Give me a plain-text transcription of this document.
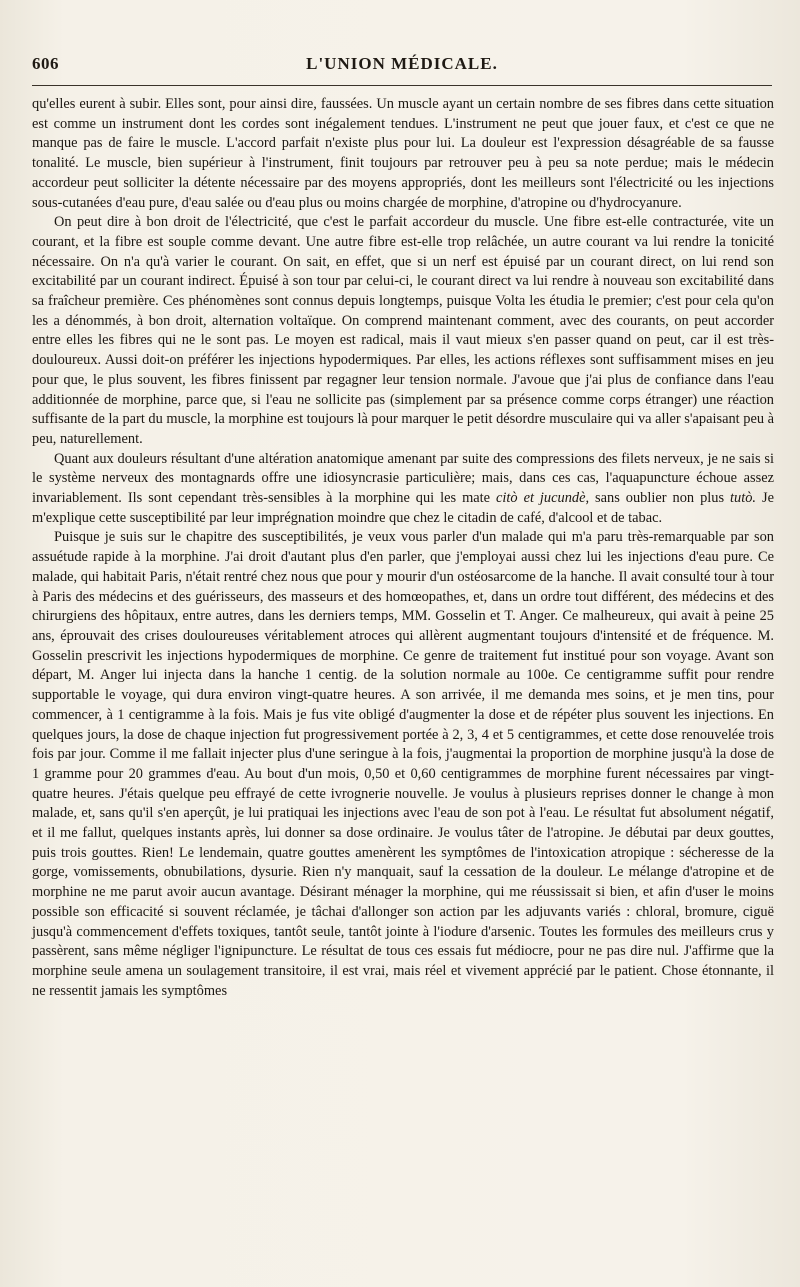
606	L'UNION MÉDICALE.

qu'elles eurent à subir. Elles sont, pour ainsi dire, faussées. Un muscle ayant un certain nombre de ses fibres dans cette situation est comme un instrument dont les cordes sont inégalement tendues. L'instrument ne peut que jouer faux, et c'est ce que ne manque pas de faire le muscle. L'accord parfait n'existe plus pour lui. La douleur est l'expression désagréable de sa fausse tonalité. Le muscle, bien supérieur à l'instrument, finit toujours par retrouver peu à peu sa note perdue; mais le médecin accordeur peut solliciter la détente nécessaire par des moyens appropriés, dont les meilleurs sont l'électricité ou les injections sous-cutanées d'eau pure, d'eau salée ou d'eau plus ou moins chargée de morphine, d'atropine ou d'hydrocyanure.

On peut dire à bon droit de l'électricité, que c'est le parfait accordeur du muscle. Une fibre est-elle contracturée, vite un courant, et la fibre est souple comme devant. Une autre fibre est-elle trop relâchée, un autre courant va lui rendre la tonicité nécessaire. On n'a qu'à varier le courant. On sait, en effet, que si un nerf est épuisé par un courant direct, on lui rend son excitabilité par un courant indirect. Épuisé à son tour par celui-ci, le courant direct va lui rendre à nouveau son excitabilité dans sa fraîcheur première. Ces phénomènes sont connus depuis longtemps, puisque Volta les étudia le premier; c'est pour cela qu'on les a dénommés, à bon droit, alternation voltaïque. On comprend maintenant comment, avec des courants, on peut accorder entre elles les fibres qui ne le sont pas. Le moyen est radical, mais il vaut mieux s'en passer quand on peut, car il est très-douloureux. Aussi doit-on préférer les injections hypodermiques. Par elles, les actions réflexes sont suffisamment mises en jeu pour que, le plus souvent, les fibres finissent par regagner leur tension normale. J'avoue que j'ai plus de confiance dans l'eau additionnée de morphine, parce que, si l'eau ne sollicite pas (simplement par sa présence comme corps étranger) une réaction suffisante de la part du muscle, la morphine est toujours là pour marquer le petit désordre musculaire qui va aller s'apaisant peu à peu, naturellement.

Quant aux douleurs résultant d'une altération anatomique amenant par suite des compressions des filets nerveux, je ne sais si le système nerveux des montagnards offre une idiosyncrasie particulière; mais, dans ces cas, l'aquapuncture échoue assez invariablement. Ils sont cependant très-sensibles à la morphine qui les mate citò et jucundè, sans oublier non plus tutò. Je m'explique cette susceptibilité par leur imprégnation moindre que chez le citadin de café, d'alcool et de tabac.

Puisque je suis sur le chapitre des susceptibilités, je veux vous parler d'un malade qui m'a paru très-remarquable par son assuétude rapide à la morphine. J'ai droit d'autant plus d'en parler, que j'employai aussi chez lui les injections d'eau pure. Ce malade, qui habitait Paris, n'était rentré chez nous que pour y mourir d'un ostéosarcome de la hanche. Il avait consulté tour à tour à Paris des médecins et des guérisseurs, des masseurs et des homœopathes, et, dans un ordre tout différent, des médecins et des chirurgiens des hôpitaux, entre autres, dans les derniers temps, MM. Gosselin et T. Anger. Ce malheureux, qui avait à peine 25 ans, éprouvait des crises douloureuses véritablement atroces qui allèrent augmentant toujours d'intensité et de fréquence. M. Gosselin prescrivit les injections hypodermiques de morphine. Ce genre de traitement fut institué pour son voyage. Avant son départ, M. Anger lui injecta dans la hanche 1 centig. de la solution normale au 100e. Ce centigramme suffit pour rendre supportable le voyage, qui dura environ vingt-quatre heures. A son arrivée, il me demanda mes soins, et je men tins, pour commencer, à 1 centigramme à la fois. Mais je fus vite obligé d'augmenter la dose et de répéter plus souvent les injections. En quelques jours, la dose de chaque injection fut progressivement portée à 2, 3, 4 et 5 centigrammes, et cette dose renouvelée trois fois par jour. Comme il me fallait injecter plus d'une seringue à la fois, j'augmentai la proportion de morphine jusqu'à la dose de 1 gramme pour 20 grammes d'eau. Au bout d'un mois, 0,50 et 0,60 centigrammes de morphine furent nécessaires par vingt-quatre heures. J'étais quelque peu effrayé de cette ivrognerie nouvelle. Je voulus à plusieurs reprises donner le change à mon malade, et, sans qu'il s'en aperçût, je lui pratiquai les injections avec l'eau de son pot à l'eau. Le résultat fut absolument négatif, et il me fallut, quelques instants après, lui donner sa dose ordinaire. Je voulus tâter de l'atropine. Je débutai par deux gouttes, puis trois gouttes. Rien! Le lendemain, quatre gouttes amenèrent les symptômes de l'intoxication atropique : sécheresse de la gorge, vomissements, obnubilations, dysurie. Rien n'y manquait, sauf la cessation de la douleur. Le mélange d'atropine et de morphine ne me parut avoir aucun avantage. Désirant ménager la morphine, qui me réussissait si bien, et afin d'user le moins possible son efficacité si souvent réclamée, je tâchai d'allonger son action par les adjuvants variés : chloral, bromure, ciguë jusqu'à commencement d'effets toxiques, tantôt seule, tantôt jointe à l'iodure d'arsenic. Toutes les formules des meilleurs crus y passèrent, sans même négliger l'ignipuncture. Le résultat de tous ces essais fut médiocre, pour ne pas dire nul. J'affirme que la morphine seule amena un soulagement transitoire, il est vrai, mais réel et vivement apprécié par le patient. Chose étonnante, il ne ressentit jamais les symptômes
